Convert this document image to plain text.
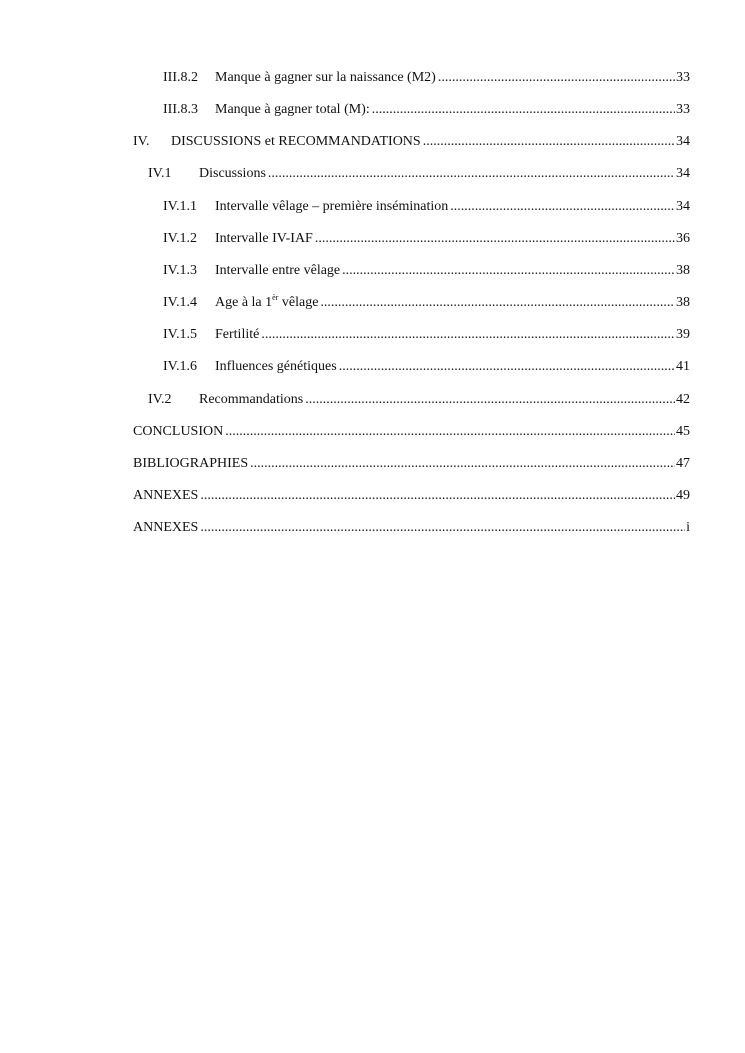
III.8.2	Manque à gagner sur la naissance (M2) .....	33
III.8.3	Manque à gagner total (M): .....	33
IV.	DISCUSSIONS et RECOMMANDATIONS .....	34
IV.1	Discussions .....	34
IV.1.1	Intervalle vêlage – première insémination .....	34
IV.1.2	Intervalle IV-IAF .....	36
IV.1.3	Intervalle entre vêlage .....	38
IV.1.4	Age à la $1^{èr}$ vêlage .....	38
IV.1.5	Fertilité .....	39
IV.1.6	Influences génétiques .....	41
IV.2	Recommandations .....	42
CONCLUSION .....	45
BIBLIOGRAPHIES .....	47
ANNEXES .....	49
ANNEXES .....	i
